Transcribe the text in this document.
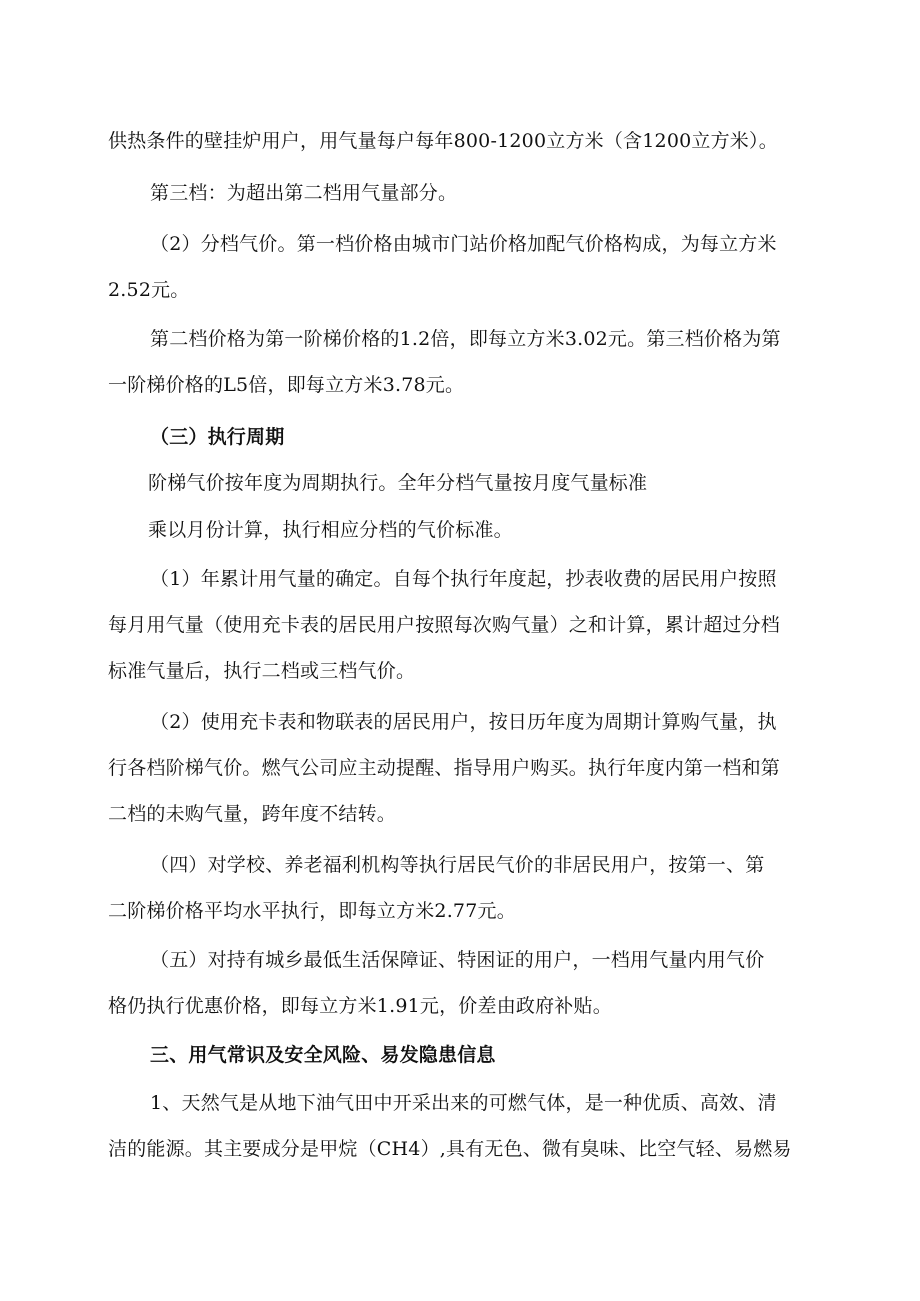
供热条件的壁挂炉用户，用气量每户每年800-1200立方米（含1200立方米）。
第三档：为超出第二档用气量部分。
（2）分档气价。第一档价格由城市门站价格加配气价格构成，为每立方米
2.52元。
第二档价格为第一阶梯价格的1.2倍，即每立方米3.02元。第三档价格为第
一阶梯价格的L5倍，即每立方米3.78元。
（三）执行周期
阶梯气价按年度为周期执行。全年分档气量按月度气量标准
乘以月份计算，执行相应分档的气价标准。
（1）年累计用气量的确定。自每个执行年度起，抄表收费的居民用户按照
每月用气量（使用充卡表的居民用户按照每次购气量）之和计算，累计超过分档
标准气量后，执行二档或三档气价。
（2）使用充卡表和物联表的居民用户，按日历年度为周期计算购气量，执
行各档阶梯气价。燃气公司应主动提醒、指导用户购买。执行年度内第一档和第
二档的未购气量，跨年度不结转。
（四）对学校、养老福利机构等执行居民气价的非居民用户，按第一、第
二阶梯价格平均水平执行，即每立方米2.77元。
（五）对持有城乡最低生活保障证、特困证的用户，一档用气量内用气价
格仍执行优惠价格，即每立方米1.91元，价差由政府补贴。
三、用气常识及安全风险、易发隐患信息
1、天然气是从地下油气田中开采出来的可燃气体，是一种优质、高效、清
洁的能源。其主要成分是甲烷（CH4）,具有无色、微有臭味、比空气轻、易燃易
